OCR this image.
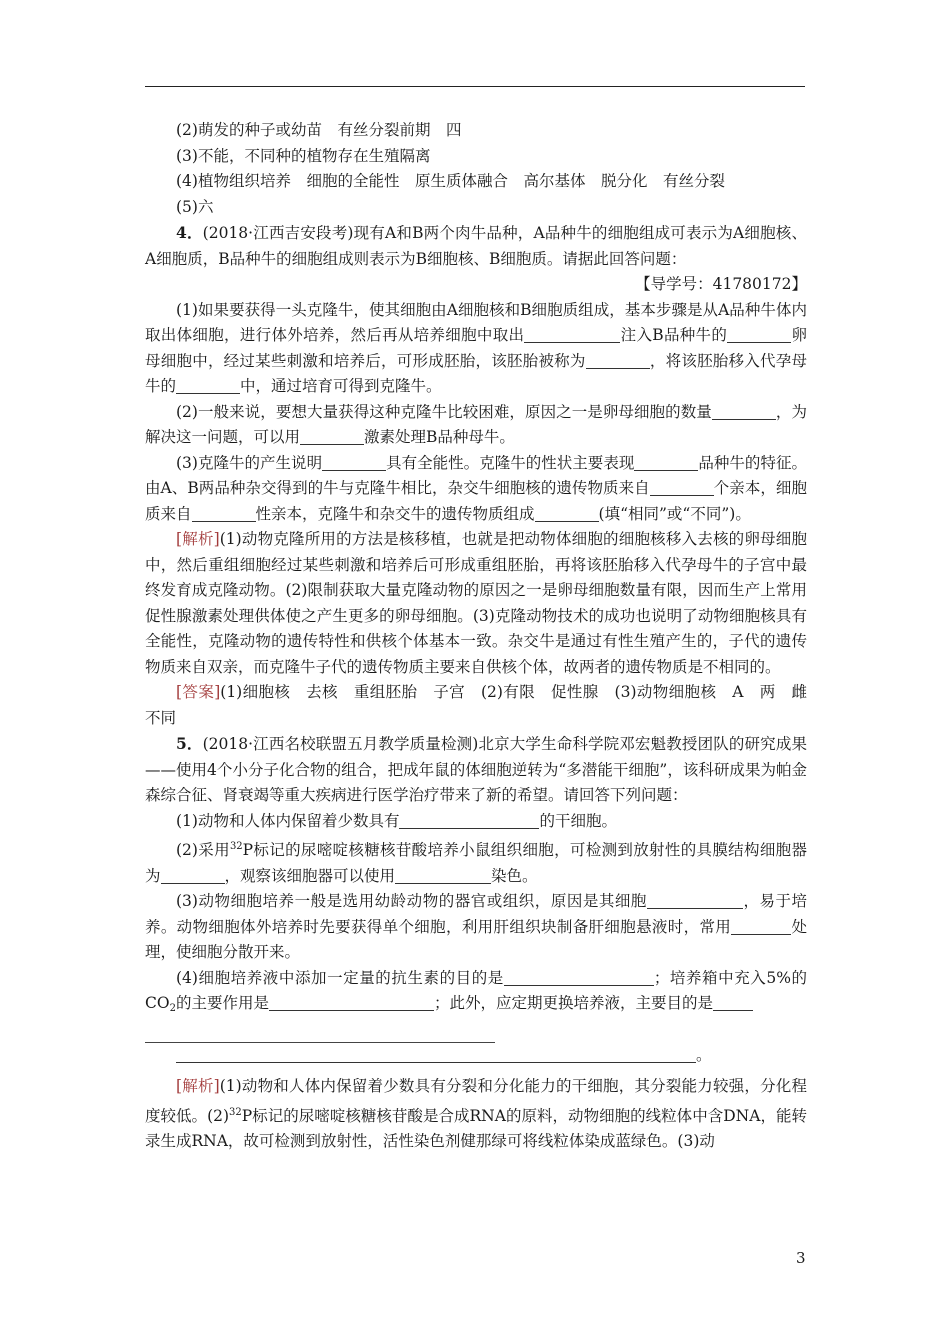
(2)萌发的种子或幼苗　有丝分裂前期　四
(3)不能，不同种的植物存在生殖隔离
(4)植物组织培养　细胞的全能性　原生质体融合　高尔基体　脱分化　有丝分裂
(5)六
4．(2018·江西吉安段考)现有A和B两个肉牛品种，A品种牛的细胞组成可表示为A细胞核、A细胞质，B品种牛的细胞组成则表示为B细胞核、B细胞质。请据此回答问题：
【导学号：41780172】
(1)如果要获得一头克隆牛，使其细胞由A细胞核和B细胞质组成，基本步骤是从A品种牛体内取出体细胞，进行体外培养，然后再从培养细胞中取出	注入B品种牛的	卵母细胞中，经过某些刺激和培养后，可形成胚胎，该胚胎被称为	，将该胚胎移入代孕母牛的	中，通过培育可得到克隆牛。
(2)一般来说，要想大量获得这种克隆牛比较困难，原因之一是卵母细胞的数量	，为解决这一问题，可以用	激素处理B品种母牛。
(3)克隆牛的产生说明	具有全能性。克隆牛的性状主要表现	品种牛的特征。由A、B两品种杂交得到的牛与克隆牛相比，杂交牛细胞核的遗传物质来自	个亲本，细胞质来自	性亲本，克隆牛和杂交牛的遗传物质组成	(填“相同”或“不同”)。
[解析](1)动物克隆所用的方法是核移植，也就是把动物体细胞的细胞核移入去核的卵母细胞中，然后重组细胞经过某些刺激和培养后可形成重组胚胎，再将该胚胎移入代孕母牛的子宫中最终发育成克隆动物。(2)限制获取大量克隆动物的原因之一是卵母细胞数量有限，因而生产上常用促性腺激素处理供体使之产生更多的卵母细胞。(3)克隆动物技术的成功也说明了动物细胞核具有全能性，克隆动物的遗传特性和供核个体基本一致。杂交牛是通过有性生殖产生的，子代的遗传物质来自双亲，而克隆牛子代的遗传物质主要来自供核个体，故两者的遗传物质是不相同的。
[答案](1)细胞核　去核　重组胚胎　子宫　(2)有限　促性腺　(3)动物细胞核　A　两　雌　不同
5．(2018·江西名校联盟五月教学质量检测)北京大学生命科学院邓宏魁教授团队的研究成果——使用4个小分子化合物的组合，把成年鼠的体细胞逆转为“多潜能干细胞”，该科研成果为帕金森综合征、肾衰竭等重大疾病进行医学治疗带来了新的希望。请回答下列问题：
(1)动物和人体内保留着少数具有	的干细胞。
(2)采用$^{32}$P标记的尿嘧啶核糖核苷酸培养小鼠组织细胞，可检测到放射性的具膜结构细胞器为	，观察该细胞器可以使用	染色。
(3)动物细胞培养一般是选用幼龄动物的器官或组织，原因是其细胞	，易于培养。动物细胞体外培养时先要获得单个细胞，利用肝组织块制备肝细胞悬液时，常用	处理，使细胞分散开来。
(4)细胞培养液中添加一定量的抗生素的目的是	；培养箱中充入5%的$CO_2$的主要作用是	；此外，应定期更换培养液，主要目的是
。
[解析](1)动物和人体内保留着少数具有分裂和分化能力的干细胞，其分裂能力较强，分化程度较低。$(2)^{32}P$标记的尿嘧啶核糖核苷酸是合成RNA的原料，动物细胞的线粒体中含DNA，能转录生成RNA，故可检测到放射性，活性染色剂健那绿可将线粒体染成蓝绿色。(3)动
3
